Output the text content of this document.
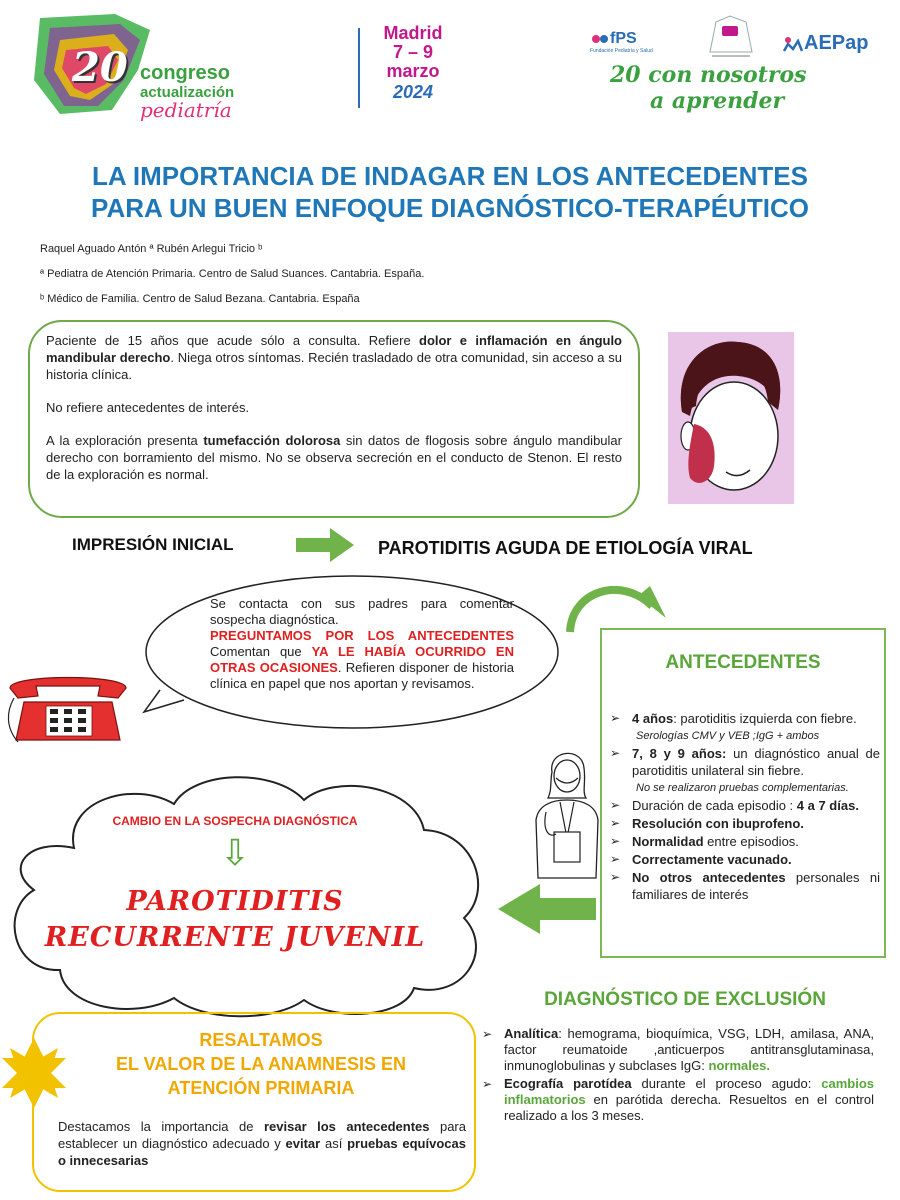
20 congreso
actualización
pediatría
Madrid
7 – 9
marzo
2024
fPS
Fundación Pediatría y Salud	AEPap
20 con nosotros
a aprender
LA IMPORTANCIA DE INDAGAR EN LOS ANTECEDENTES
PARA UN BUEN ENFOQUE DIAGNÓSTICO-TERAPÉUTICO
Raquel Aguado Antón ª Rubén Arlegui Tricio ᵇ
ª Pediatra de Atención Primaria. Centro de Salud Suances. Cantabria. España.
ᵇ Médico de Familia. Centro de Salud Bezana. Cantabria. España

Paciente de 15 años que acude sólo a consulta. Refiere dolor e inflamación en ángulo mandibular derecho. Niega otros síntomas. Recién trasladado de otra comunidad, sin acceso a su historia clínica.

No refiere antecedentes de interés.

A la exploración presenta tumefacción dolorosa sin datos de flogosis sobre ángulo mandibular derecho con borramiento del mismo. No se observa secreción en el conducto de Stenon. El resto de la exploración es normal.

IMPRESIÓN INICIAL	PAROTIDITIS AGUDA DE ETIOLOGÍA VIRAL
Se contacta con sus padres para comentar sospecha diagnóstica.
PREGUNTAMOS POR LOS ANTECEDENTES Comentan que YA LE HABÍA OCURRIDO EN OTRAS OCASIONES. Refieren disponer de historia clínica en papel que nos aportan y revisamos.
ANTECEDENTES
➢ 4 años: parotiditis izquierda con fiebre.
Serologías CMV y VEB ;IgG + ambos
➢ 7, 8 y 9 años: un diagnóstico anual de parotiditis unilateral sin fiebre.
No se realizaron pruebas complementarias.
➢ Duración de cada episodio : 4 a 7 días.
➢ Resolución con ibuprofeno.
➢ Normalidad entre episodios.
➢ Correctamente vacunado.
➢ No otros antecedentes personales ni familiares de interés
CAMBIO EN LA SOSPECHA DIAGNÓSTICA
⇩
PAROTIDITIS
RECURRENTE JUVENIL
DIAGNÓSTICO DE EXCLUSIÓN
➢ Analítica: hemograma, bioquímica, VSG, LDH, amilasa, ANA, factor reumatoide ,anticuerpos antitransglutaminasa, inmunoglobulinas y subclases IgG: normales.
➢ Ecografía parotídea durante el proceso agudo: cambios inflamatorios en parótida derecha. Resueltos en el control realizado a los 3 meses.
RESALTAMOS
EL VALOR DE LA ANAMNESIS EN
ATENCIÓN PRIMARIA
Destacamos la importancia de revisar los antecedentes para establecer un diagnóstico adecuado y evitar así pruebas equívocas o innecesarias
